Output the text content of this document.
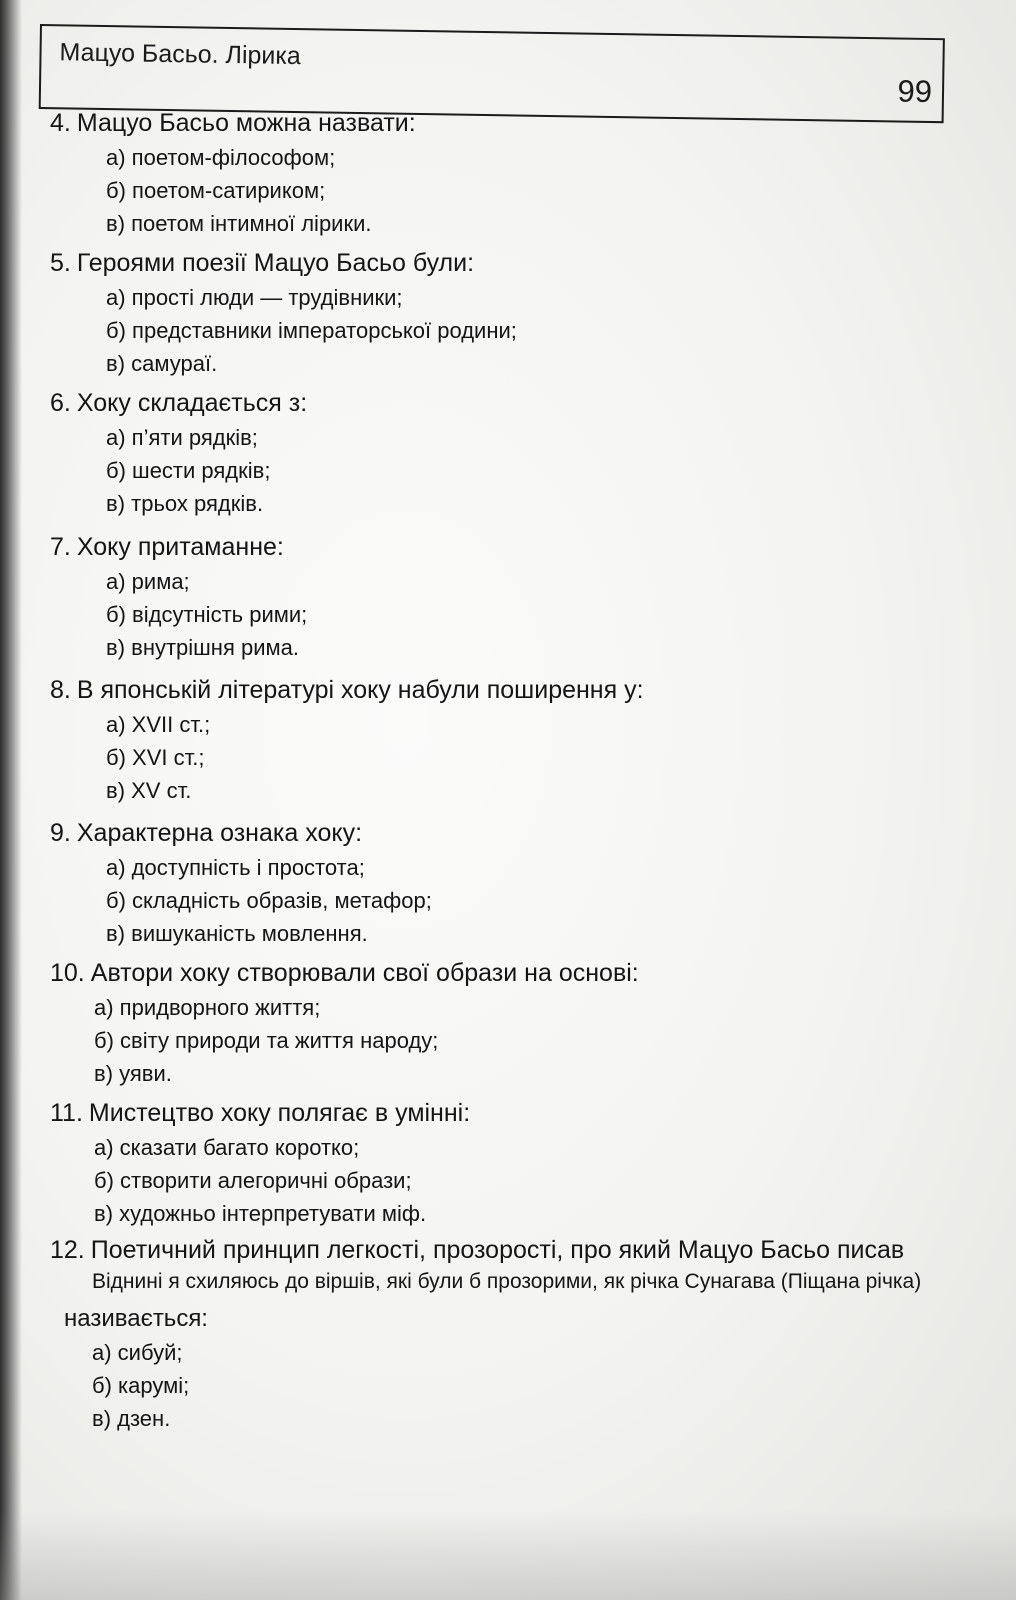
Мацуо Басьо. Лірика
99
4. Мацуо Басьо можна назвати:
а) поетом-філософом;
б) поетом-сатириком;
в) поетом інтимної лірики.
5. Героями поезії Мацуо Басьо були:
а) прості люди — трудівники;
б) представники імператорської родини;
в) самураї.
6. Хоку складається з:
а) п’яти рядків;
б) шести рядків;
в) трьох рядків.
7. Хоку притаманне:
а) рима;
б) відсутність рими;
в) внутрішня рима.
8. В японській літературі хоку набули поширення у:
а) XVII ст.;
б) XVI ст.;
в) XV ст.
9. Характерна ознака хоку:
а) доступність і простота;
б) складність образів, метафор;
в) вишуканість мовлення.
10. Автори хоку створювали свої образи на основі:
а) придворного життя;
б) світу природи та життя народу;
в) уяви.
11. Мистецтво хоку полягає в умінні:
а) сказати багато коротко;
б) створити алегоричні образи;
в) художньо інтерпретувати міф.
12. Поетичний принцип легкості, прозорості, про який Мацуо Басьо писав
Віднині я схиляюсь до віршів, які були б прозорими, як річка Сунагава (Піщана річка)
називається:
а) сибуй;
б) карумі;
в) дзен.
